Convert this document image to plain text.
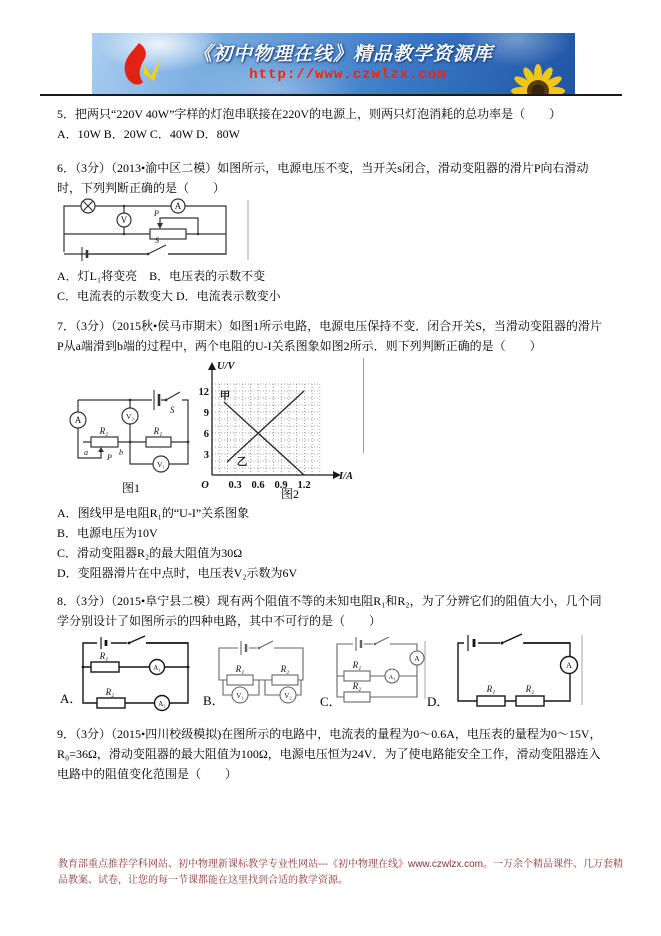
《初中物理在线》精品教学资源库
http://www.czwlzx.com

5．把两只“220V 40W”字样的灯泡串联接在220V的电源上，则两只灯泡消耗的总功率是（　　）

A．10W B．20W C．40W D．80W

6．（3分）（2013•渝中区二模）如图所示，电源电压不变，当开关s闭合，滑动变阻器的滑片P向右滑动时，下列判断正确的是（　　）

A
V
P
S

A．灯L₁将变亮　B．电压表的示数不变

C．电流表的示数变大 D．电流表示数变小

7．（3分）（2015秋•侯马市期末）如图1所示电路，电源电压保持不变．闭合开关S，当滑动变阻器的滑片P从a端滑到b端的过程中，两个电阻的U-I关系图象如图2所示．则下列判断正确的是（　　）

S
A
R₂
a	b
P
V₂
R₁
V₁
甲
乙
U/V
I/A
O
3
6
9
12
0.3 0.6 0.9 1.2
图1	图2

A．图线甲是电阻R₁的“U-I”关系图象

B．电源电压为10V

C．滑动变阻器R₂的最大阻值为30Ω

D．变阻器滑片在中点时，电压表V₂示数为6V

8．（3分）（2015•阜宁县二模）现有两个阻值不等的未知电阻R₁和R₂，为了分辨它们的阻值大小，几个同学分别设计了如图所示的四种电路，其中不可行的是（　　）

R₁
A₁
R₂
A₂
R₁	R₂
V₁	V₂
A
R₁
A₁
R₂
A
R₁	R₂
A．	B．	C．	D．

9．（3分）（2015•四川校级模拟)在图所示的电路中，电流表的量程为0～0.6A，电压表的量程为0～15V，R₀=36Ω，滑动变阻器的最大阻值为100Ω，电源电压恒为24V．为了使电路能安全工作，滑动变阻器连入电路中的阻值变化范围是（　　）

教育部重点推荐学科网站、初中物理新课标教学专业性网站---《初中物理在线》www.czwlzx.com。一万余个精品课件、几万套精品教案、试卷，让您的每一节课都能在这里找到合适的教学资源。
